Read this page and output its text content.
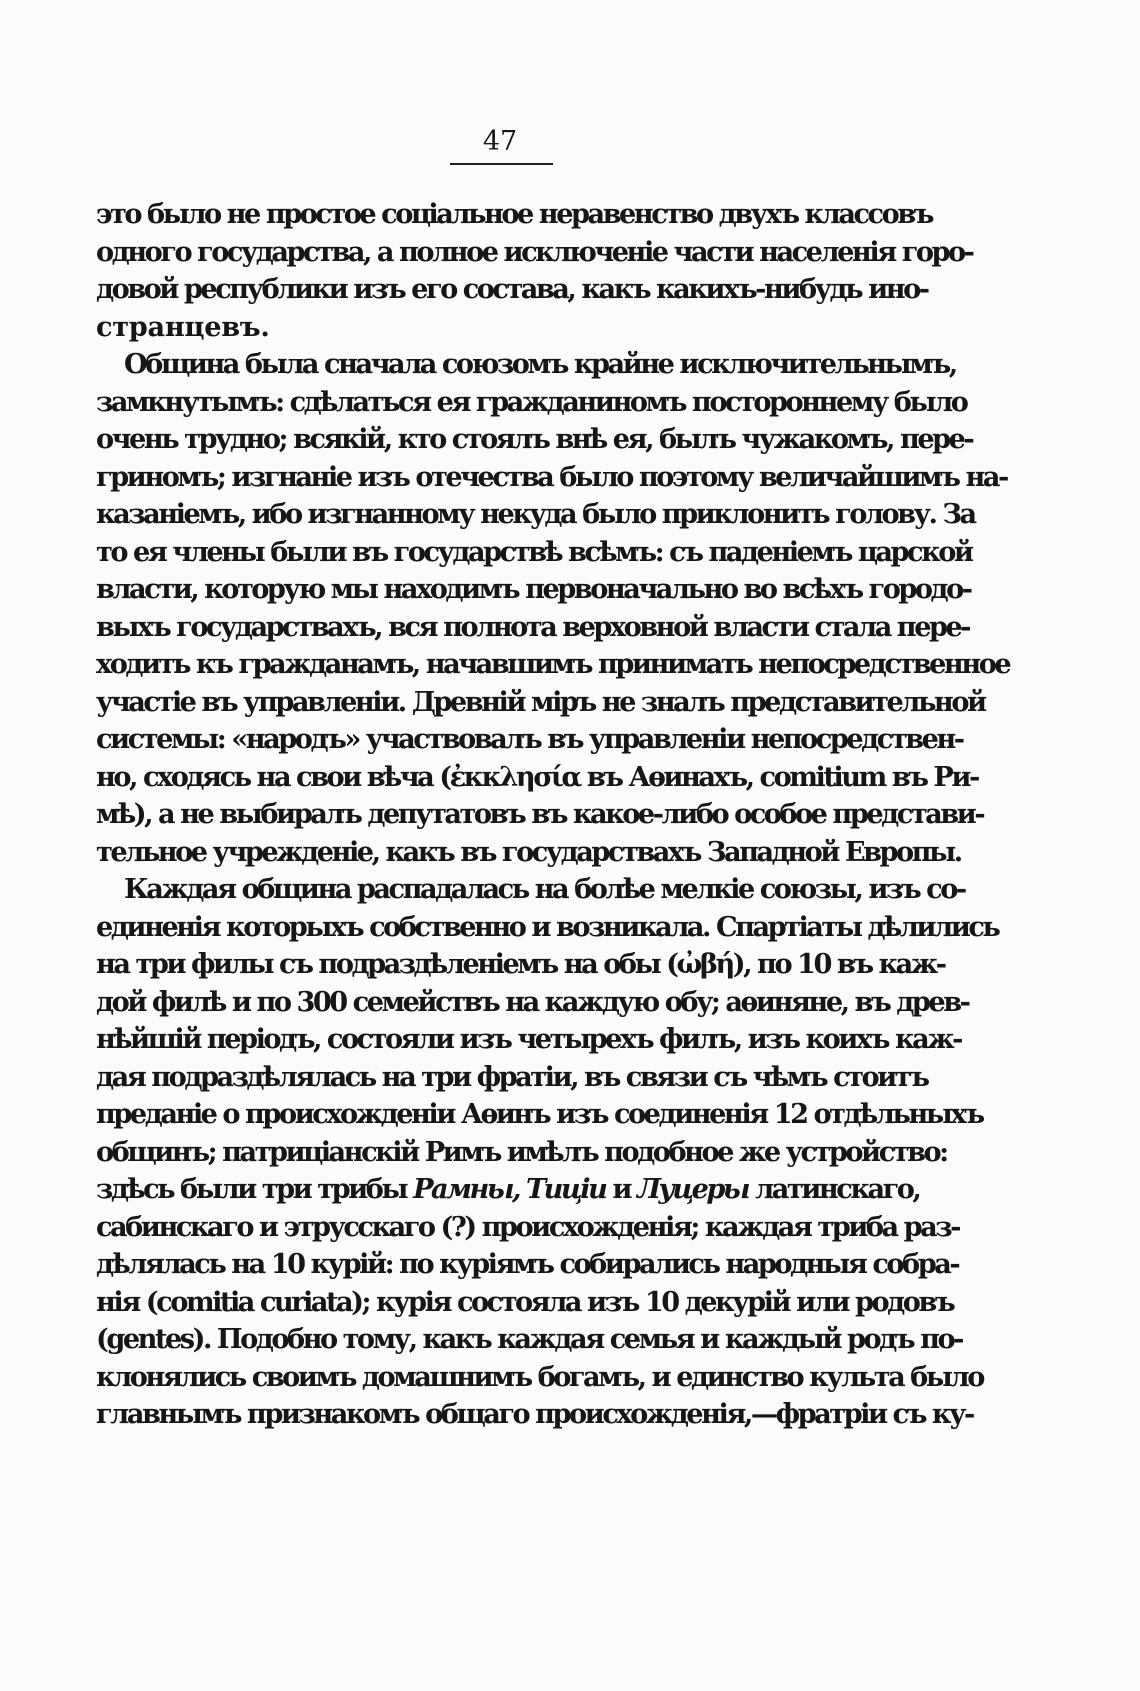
47
это было не простое соціальное неравенство двухъ классовъ
одного государства, а полное исключеніе части населенія горо-
довой республики изъ его состава, какъ какихъ-нибудь ино-
странцевъ.
Община была сначала союзомъ крайне исключительнымъ,
замкнутымъ: сдѣлаться ея гражданиномъ постороннему было
очень трудно; всякій, кто стоялъ внѣ ея, былъ чужакомъ, пере-
гриномъ; изгнаніе изъ отечества было поэтому величайшимъ на-
казаніемъ, ибо изгнанному некуда было приклонить голову. За
то ея члены были въ государствѣ всѣмъ: съ паденіемъ царской
власти, которую мы находимъ первоначально во всѣхъ городо-
выхъ государствахъ, вся полнота верховной власти стала пере-
ходить къ гражданамъ, начавшимъ принимать непосредственное
участіе въ управленіи. Древній міръ не зналъ представительной
системы: «народъ» участвовалъ въ управленіи непосредствен-
но, сходясь на свои вѣча (ἐκκλησία въ Аѳинахъ, comitium въ Ри-
мѣ), а не выбиралъ депутатовъ въ какое-либо особое представи-
тельное учрежденіе, какъ въ государствахъ Западной Европы.
Каждая община распадалась на болѣе мелкіе союзы, изъ со-
единенія которыхъ собственно и возникала. Спартіаты дѣлились
на три филы съ подраздѣленіемъ на обы (ὠβή), по 10 въ каж-
дой филѣ и по 300 семействъ на каждую обу; аѳиняне, въ древ-
нѣйшій періодъ, состояли изъ четырехъ филъ, изъ коихъ каж-
дая подраздѣлялась на три фратіи, въ связи съ чѣмъ стоитъ
преданіе о происхожденіи Аѳинъ изъ соединенія 12 отдѣльныхъ
общинъ; патриціанскій Римъ имѣлъ подобное же устройство:
здѣсь были три трибы Рамны, Тиціи и Луцеры латинскаго,
сабинскаго и этрусскаго (?) происхожденія; каждая триба раз-
дѣлялась на 10 курій: по куріямъ собирались народныя собра-
нія (comitia curiata); курія состояла изъ 10 декурій или родовъ
(gentes). Подобно тому, какъ каждая семья и каждый родъ по-
клонялись своимъ домашнимъ богамъ, и единство культа было
главнымъ признакомъ общаго происхожденія,—фратріи съ ку-
